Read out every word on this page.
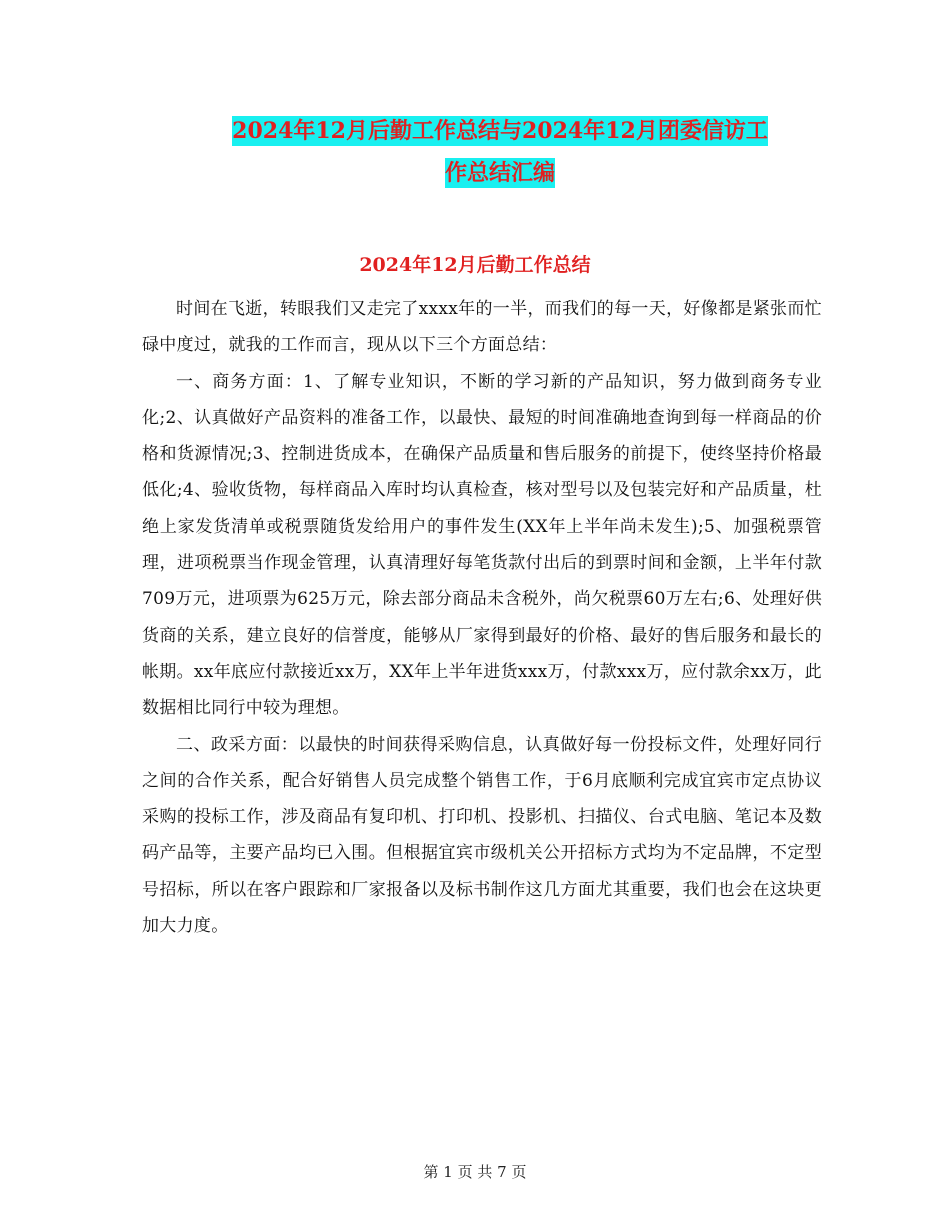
2024年12月后勤工作总结与2024年12月团委信访工
作总结汇编
2024年12月后勤工作总结

时间在飞逝，转眼我们又走完了xxxx年的一半，而我们的每一天，好像都是紧张而忙碌中度过，就我的工作而言，现从以下三个方面总结：

一、商务方面：1、了解专业知识，不断的学习新的产品知识，努力做到商务专业化;2、认真做好产品资料的准备工作，以最快、最短的时间准确地查询到每一样商品的价格和货源情况;3、控制进货成本，在确保产品质量和售后服务的前提下，使终坚持价格最低化;4、验收货物，每样商品入库时均认真检查，核对型号以及包装完好和产品质量，杜绝上家发货清单或税票随货发给用户的事件发生(XX年上半年尚未发生);5、加强税票管理，进项税票当作现金管理，认真清理好每笔货款付出后的到票时间和金额，上半年付款709万元，进项票为625万元，除去部分商品未含税外，尚欠税票60万左右;6、处理好供货商的关系，建立良好的信誉度，能够从厂家得到最好的价格、最好的售后服务和最长的帐期。xx年底应付款接近xx万，XX年上半年进货xxx万，付款xxx万，应付款余xx万，此数据相比同行中较为理想。

二、政采方面：以最快的时间获得采购信息，认真做好每一份投标文件，处理好同行之间的合作关系，配合好销售人员完成整个销售工作，于6月底顺利完成宜宾市定点协议采购的投标工作，涉及商品有复印机、打印机、投影机、扫描仪、台式电脑、笔记本及数码产品等，主要产品均已入围。但根据宜宾市级机关公开招标方式均为不定品牌，不定型号招标，所以在客户跟踪和厂家报备以及标书制作这几方面尤其重要，我们也会在这块更加大力度。

第 1 页 共 7 页
